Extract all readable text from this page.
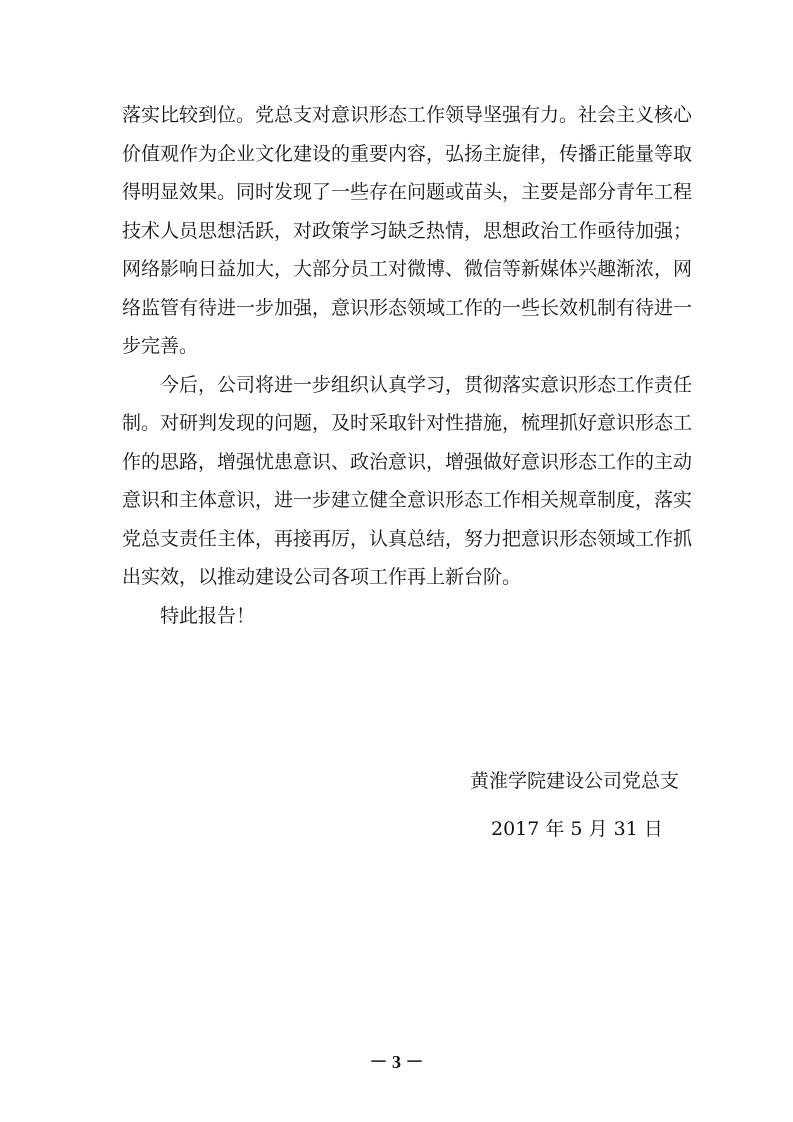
落实比较到位。党总支对意识形态工作领导坚强有力。社会主义核心
价值观作为企业文化建设的重要内容，弘扬主旋律，传播正能量等取
得明显效果。同时发现了一些存在问题或苗头，主要是部分青年工程
技术人员思想活跃，对政策学习缺乏热情，思想政治工作亟待加强；
网络影响日益加大，大部分员工对微博、微信等新媒体兴趣渐浓，网
络监管有待进一步加强，意识形态领域工作的一些长效机制有待进一
步完善。
今后，公司将进一步组织认真学习，贯彻落实意识形态工作责任
制。对研判发现的问题，及时采取针对性措施，梳理抓好意识形态工
作的思路，增强忧患意识、政治意识，增强做好意识形态工作的主动
意识和主体意识，进一步建立健全意识形态工作相关规章制度，落实
党总支责任主体，再接再厉，认真总结，努力把意识形态领域工作抓
出实效，以推动建设公司各项工作再上新台阶。
特此报告！
黄淮学院建设公司党总支
2017 年 5 月 31 日
－ 3 －
